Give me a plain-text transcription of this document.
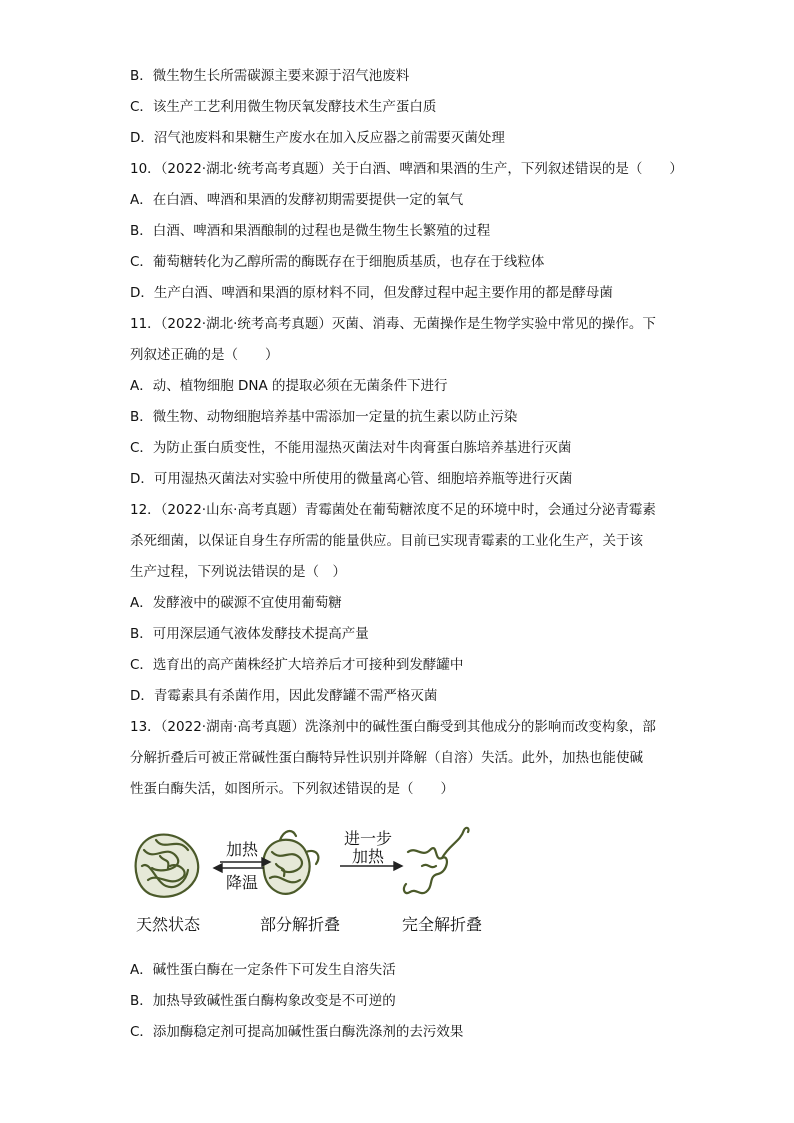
B．微生物生长所需碳源主要来源于沼气池废料
C．该生产工艺利用微生物厌氧发酵技术生产蛋白质
D．沼气池废料和果糖生产废水在加入反应器之前需要灭菌处理
10．（2022·湖北·统考高考真题）关于白酒、啤酒和果酒的生产，下列叙述错误的是（　　）
A．在白酒、啤酒和果酒的发酵初期需要提供一定的氧气
B．白酒、啤酒和果酒酿制的过程也是微生物生长繁殖的过程
C．葡萄糖转化为乙醇所需的酶既存在于细胞质基质，也存在于线粒体
D．生产白酒、啤酒和果酒的原材料不同，但发酵过程中起主要作用的都是酵母菌
11．（2022·湖北·统考高考真题）灭菌、消毒、无菌操作是生物学实验中常见的操作。下
列叙述正确的是（　　）
A．动、植物细胞 DNA 的提取必须在无菌条件下进行
B．微生物、动物细胞培养基中需添加一定量的抗生素以防止污染
C．为防止蛋白质变性，不能用湿热灭菌法对牛肉膏蛋白胨培养基进行灭菌
D．可用湿热灭菌法对实验中所使用的微量离心管、细胞培养瓶等进行灭菌
12．（2022·山东·高考真题）青霉菌处在葡萄糖浓度不足的环境中时，会通过分泌青霉素
杀死细菌，以保证自身生存所需的能量供应。目前已实现青霉素的工业化生产，关于该
生产过程，下列说法错误的是（　）
A．发酵液中的碳源不宜使用葡萄糖
B．可用深层通气液体发酵技术提高产量
C．选育出的高产菌株经扩大培养后才可接种到发酵罐中
D．青霉素具有杀菌作用，因此发酵罐不需严格灭菌
13．（2022·湖南·高考真题）洗涤剂中的碱性蛋白酶受到其他成分的影响而改变构象，部
分解折叠后可被正常碱性蛋白酶特异性识别并降解（自溶）失活。此外，加热也能使碱
性蛋白酶失活，如图所示。下列叙述错误的是（　　）
加热
降温
进一步
加热
天然状态	部分解折叠	完全解折叠
A．碱性蛋白酶在一定条件下可发生自溶失活
B．加热导致碱性蛋白酶构象改变是不可逆的
C．添加酶稳定剂可提高加碱性蛋白酶洗涤剂的去污效果
